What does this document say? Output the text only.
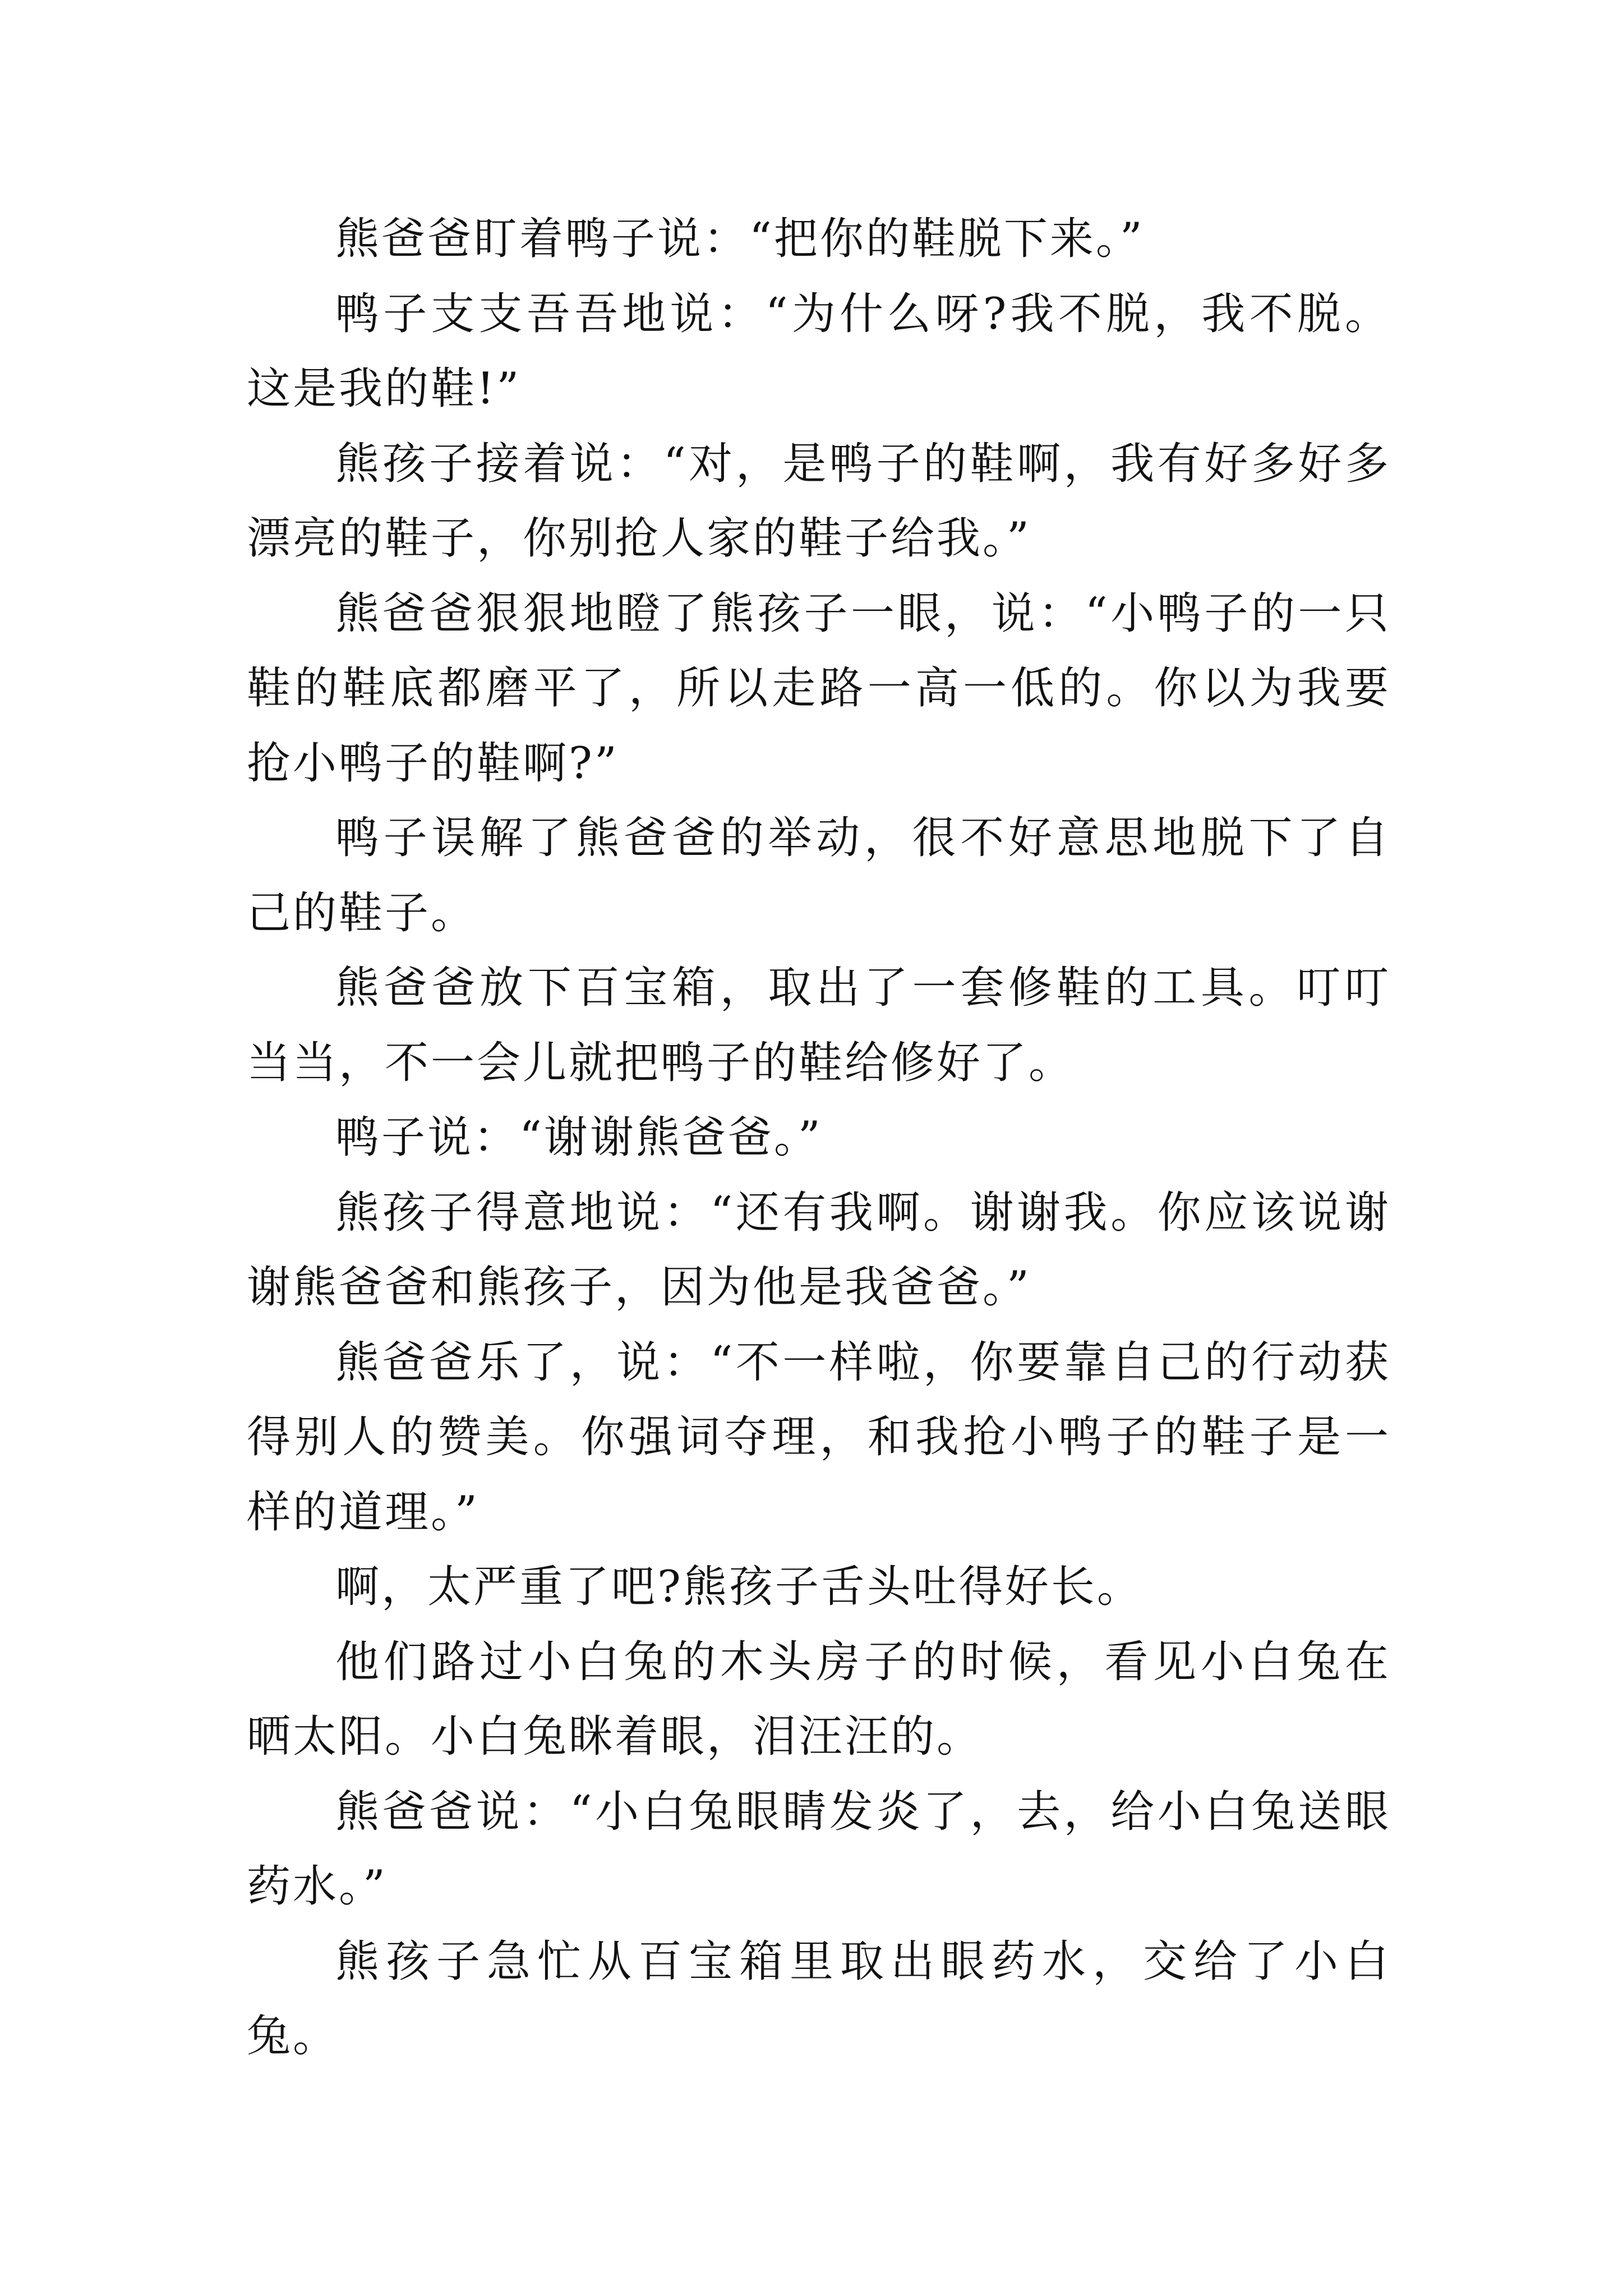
熊爸爸盯着鸭子说：“把你的鞋脱下来。”

鸭子支支吾吾地说：“为什么呀?我不脱，我不脱。这是我的鞋!”

熊孩子接着说：“对，是鸭子的鞋啊，我有好多好多漂亮的鞋子，你别抢人家的鞋子给我。”

熊爸爸狠狠地瞪了熊孩子一眼，说：“小鸭子的一只鞋的鞋底都磨平了，所以走路一高一低的。你以为我要抢小鸭子的鞋啊?”

鸭子误解了熊爸爸的举动，很不好意思地脱下了自己的鞋子。

熊爸爸放下百宝箱，取出了一套修鞋的工具。叮叮当当，不一会儿就把鸭子的鞋给修好了。

鸭子说：“谢谢熊爸爸。”

熊孩子得意地说：“还有我啊。谢谢我。你应该说谢谢熊爸爸和熊孩子，因为他是我爸爸。”

熊爸爸乐了，说：“不一样啦，你要靠自己的行动获得别人的赞美。你强词夺理，和我抢小鸭子的鞋子是一样的道理。”

啊，太严重了吧?熊孩子舌头吐得好长。

他们路过小白兔的木头房子的时候，看见小白兔在晒太阳。小白兔眯着眼，泪汪汪的。

熊爸爸说：“小白兔眼睛发炎了，去，给小白兔送眼药水。”

熊孩子急忙从百宝箱里取出眼药水，交给了小白兔。
